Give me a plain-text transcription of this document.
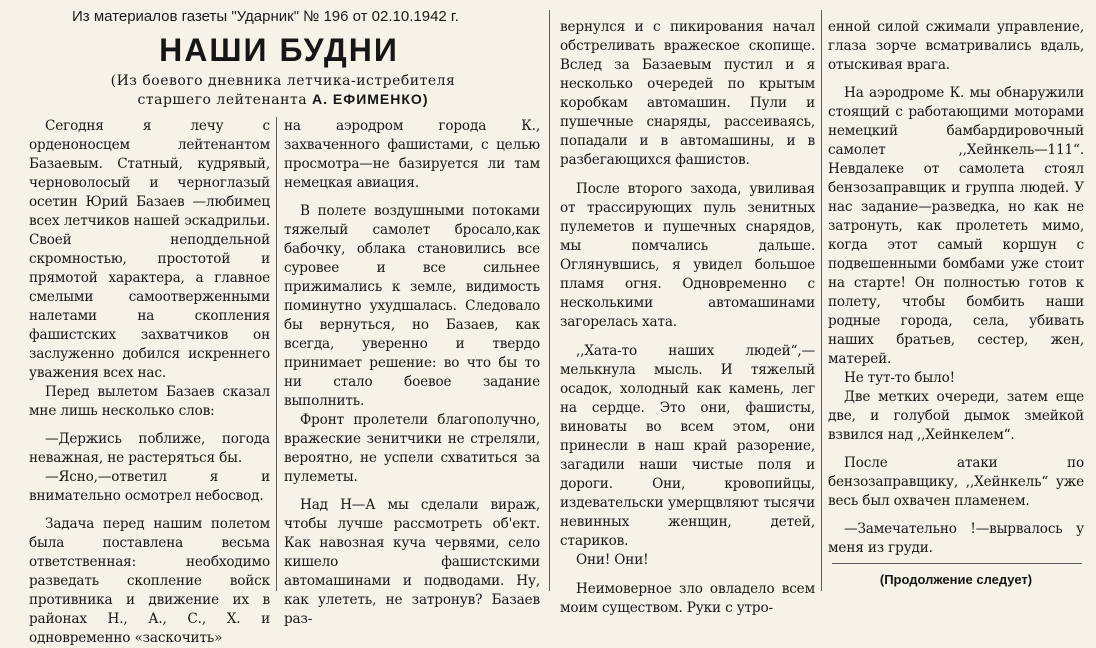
Из материалов газеты "Ударник" № 196 от 02.10.1942 г.
НАШИ БУДНИ
(Из боевого дневника летчика-истребителя
старшего лейтенанта А. ЕФИМЕНКО)

Сегодня я лечу с орденоносцем лейтенантом Базаевым. Статный, кудрявый, черноволосый и черноглазый осетин Юрий Базаев —любимец всех летчиков нашей эскадрильи. Своей неподдельной скромностью, простотой и прямотой характера, а главное смелыми самоотверженными налетами на скопления фашистских захватчиков он заслуженно добился искреннего уважения всех нас.

Перед вылетом Базаев сказал мне лишь несколько слов:

—Держись поближе, погода неважная, не растеряться бы.

—Ясно,—ответил я и внимательно осмотрел небосвод.

Задача перед нашим полетом была поставлена весьма ответственная: необходимо разведать скопление войск противника и движение их в районах Н., А., С., Х. и одновременно «заскочить»

на аэродром города К., захваченного фашистами, с целью просмотра—не базируется ли там немецкая авиация.

В полете воздушными потоками тяжелый самолет бросало,как бабочку, облака становились все суровее и все сильнее прижимались к земле, видимость поминутно ухудшалась. Следовало бы вернуться, но Базаев, как всегда, уверенно и твердо принимает решение: во что бы то ни стало боевое задание выполнить.

Фронт пролетели благополучно, вражеские зенитчики не стреляли, вероятно, не успели схватиться за пулеметы.

Над Н—А мы сделали вираж, чтобы лучше рассмотреть об'ект. Как навозная куча червями, село кишело фашистскими автомашинами и подводами. Ну, как улететь, не затронув? Базаев раз-

вернулся и с пикирования начал обстреливать вражеское скопище. Вслед за Базаевым пустил и я несколько очередей по крытым коробкам автомашин. Пули и пушечные снаряды, рассеиваясь, попадали и в автомашины, и в разбегающихся фашистов.

После второго захода, увиливая от трассирующих пуль зенитных пулеметов и пушечных снарядов, мы помчались дальше. Оглянувшись, я увидел большое пламя огня. Одновременно с несколькими автомашинами загорелась хата.

,,Хата-то наших людей“,— мелькнула мысль. И тяжелый осадок, холодный как камень, лег на сердце. Это они, фашисты, виноваты во всем этом, они принесли в наш край разорение, загадили наши чистые поля и дороги. Они, кровопийцы, издевательски умерщвляют тысячи невинных женщин, детей, стариков.

Они! Они!

Неимоверное зло овладело всем моим существом. Руки с утро-

енной силой сжимали управление, глаза зорче всматривались вдаль, отыскивая врага.

На аэродроме К. мы обнаружили стоящий с работающими моторами немецкий бамбардировочный самолет ,,Хейнкель—111“. Невдалеке от самолета стоял бензозаправщик и группа людей. У нас задание—разведка, но как не затронуть, как пролететь мимо, когда этот самый коршун с подвешенными бомбами уже стоит на старте! Он полностью готов к полету, чтобы бомбить наши родные города, села, убивать наших братьев, сестер, жен, матерей.

Не тут-то было!

Две метких очереди, затем еще две, и голубой дымок змейкой взвился над ,,Хейнкелем“.

После атаки по бензозаправщику, ,,Хейнкель“ уже весь был охвачен пламенем.

—Замечательно !—вырвалось у меня из груди.

(Продолжение следует)
